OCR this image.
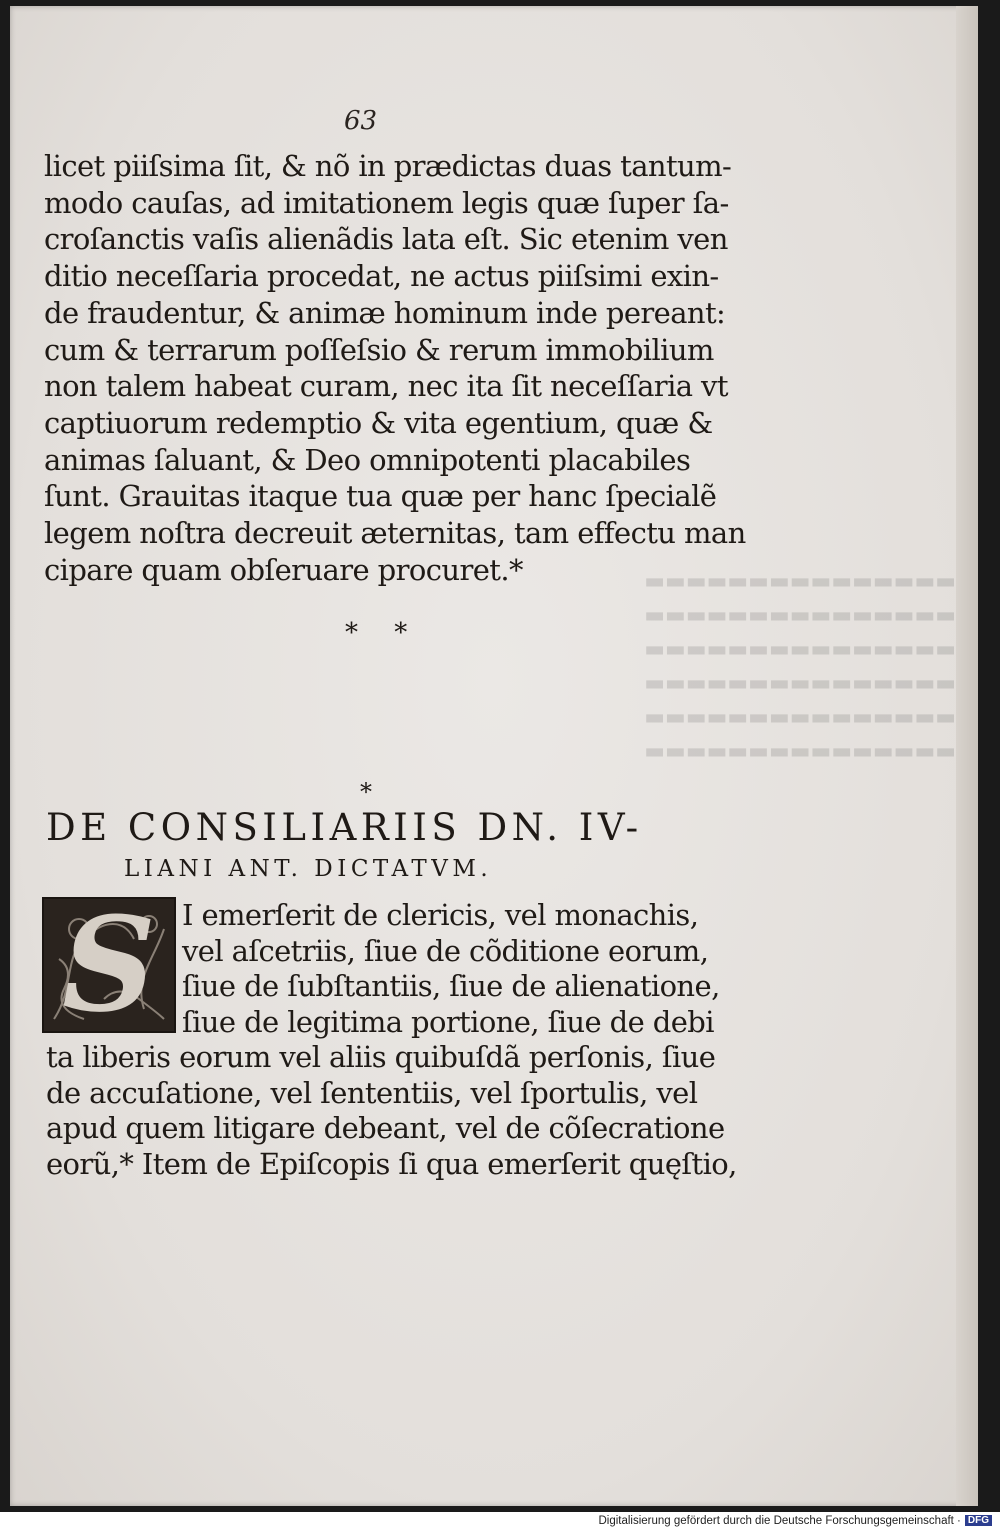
▬▬▬▬▬▬▬▬▬▬▬▬▬▬▬
▬▬▬▬▬▬▬▬▬▬▬▬▬▬▬
▬▬▬▬▬▬▬▬▬▬▬▬▬▬▬
▬▬▬▬▬▬▬▬▬▬▬▬▬▬▬
▬▬▬▬▬▬▬▬▬▬▬▬▬▬▬
▬▬▬▬▬▬▬▬▬▬▬▬▬▬▬
63
licet piiſsima ſit, & nõ in prædictas duas tantum-
modo cauſas, ad imitationem legis quæ ſuper ſa-
croſanctis vaſis alienãdis lata eſt. Sic etenim ven
ditio neceſſaria procedat, ne actus piiſsimi exin-
de fraudentur, & animæ hominum inde pereant:
cum & terrarum poſſeſsio & rerum immobilium
non talem habeat curam, nec ita ſit neceſſaria vt
captiuorum redemptio & vita egentium, quæ &
animas ſaluant, & Deo omnipotenti placabiles
ſunt. Grauitas itaque tua quæ per hanc ſpecialẽ
legem noſtra decreuit æternitas, tam effectu man
cipare quam obſeruare procuret.*
* *
*
DE CONSILIARIIS DN. IV-
LIANI ANT. DICTATVM.
S I emerſerit de clericis, vel monachis,
vel aſcetriis, ſiue de cõditione eorum,
ſiue de ſubſtantiis, ſiue de alienatione,
ſiue de legitima portione, ſiue de debi
ta liberis eorum vel aliis quibuſdã perſonis, ſiue
de accuſatione, vel ſententiis, vel ſportulis, vel
apud quem litigare debeant, vel de cõſecratione
eorũ,* Item de Epiſcopis ſi qua emerſerit quęſtio,
Digitalisierung gefördert durch die Deutsche Forschungsgemeinschaft · DFG
